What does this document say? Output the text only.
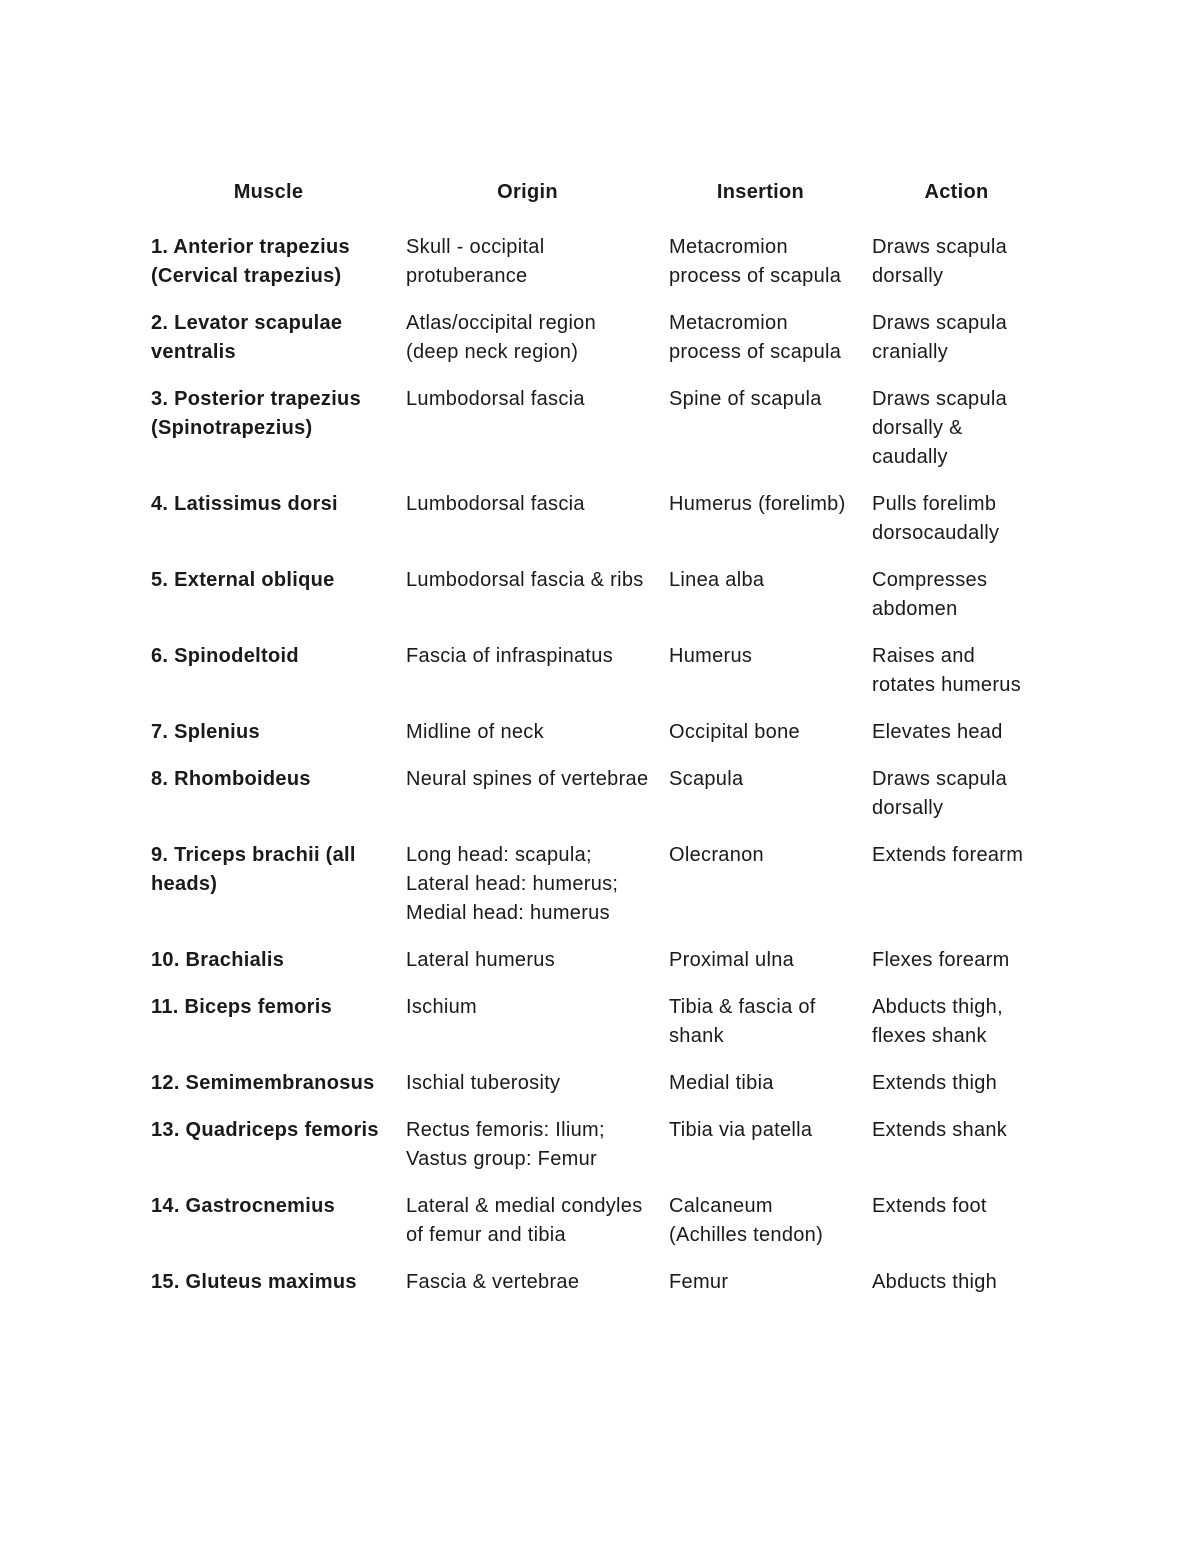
Muscle	Origin	Insertion	Action
1. Anterior trapezius (Cervical trapezius)	Skull - occipital protuberance	Metacromion process of scapula	Draws scapula dorsally
2. Levator scapulae ventralis	Atlas/occipital region (deep neck region)	Metacromion process of scapula	Draws scapula cranially
3. Posterior trapezius (Spinotrapezius)	Lumbodorsal fascia	Spine of scapula	Draws scapula dorsally & caudally
4. Latissimus dorsi	Lumbodorsal fascia	Humerus (forelimb)	Pulls forelimb dorsocaudally
5. External oblique	Lumbodorsal fascia & ribs	Linea alba	Compresses abdomen
6. Spinodeltoid	Fascia of infraspinatus	Humerus	Raises and rotates humerus
7. Splenius	Midline of neck	Occipital bone	Elevates head
8. Rhomboideus	Neural spines of vertebrae	Scapula	Draws scapula dorsally
9. Triceps brachii (all heads)	Long head: scapula; Lateral head: humerus; Medial head: humerus	Olecranon	Extends forearm
10. Brachialis	Lateral humerus	Proximal ulna	Flexes forearm
11. Biceps femoris	Ischium	Tibia & fascia of shank	Abducts thigh, flexes shank
12. Semimembranosus	Ischial tuberosity	Medial tibia	Extends thigh
13. Quadriceps femoris	Rectus femoris: Ilium; Vastus group: Femur	Tibia via patella	Extends shank
14. Gastrocnemius	Lateral & medial condyles of femur and tibia	Calcaneum (Achilles tendon)	Extends foot
15. Gluteus maximus	Fascia & vertebrae	Femur	Abducts thigh
